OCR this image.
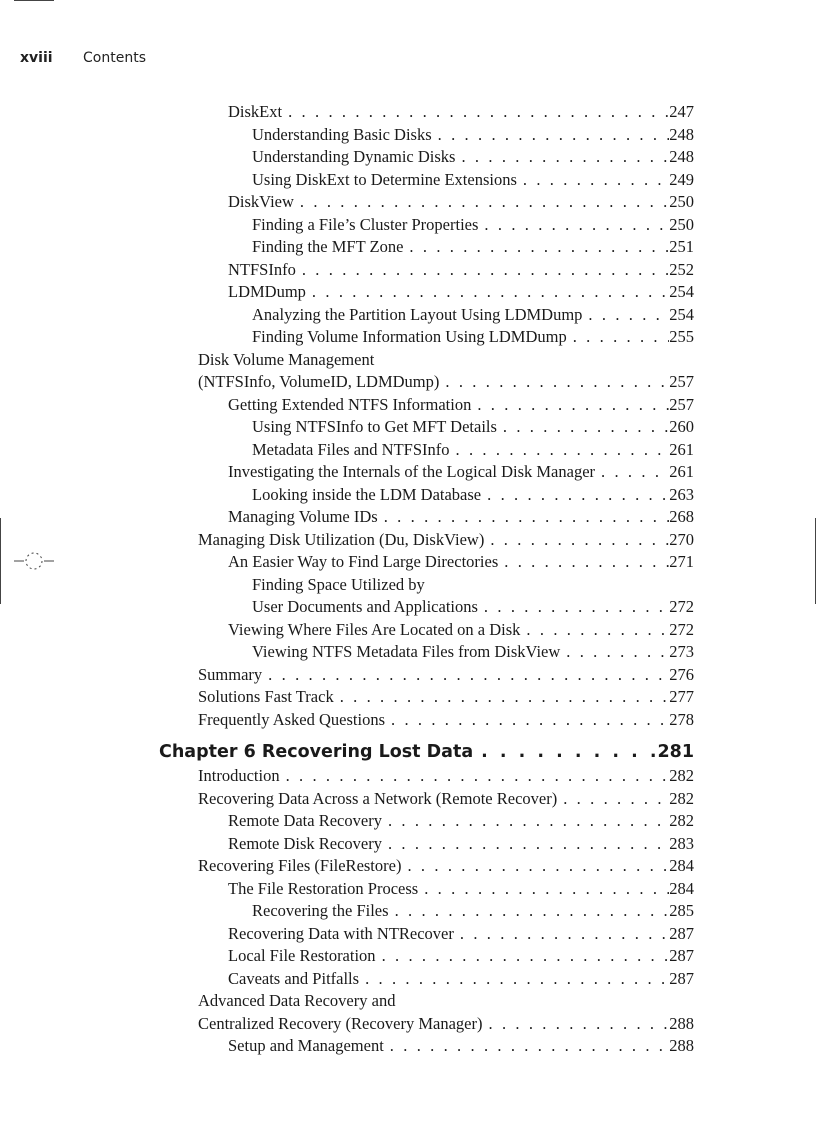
xviii Contents
DiskExt . . .	247
Understanding Basic Disks . . .	248
Understanding Dynamic Disks . . .	248
Using DiskExt to Determine Extensions . . .	249
DiskView . . .	250
Finding a File’s Cluster Properties . . .	250
Finding the MFT Zone . . .	251
NTFSInfo . . .	252
LDMDump . . .	254
Analyzing the Partition Layout Using LDMDump . . .	254
Finding Volume Information Using LDMDump . . .	255
Disk Volume Management
(NTFSInfo, VolumeID, LDMDump) . . .	257
Getting Extended NTFS Information . . .	257
Using NTFSInfo to Get MFT Details . . .	260
Metadata Files and NTFSInfo . . .	261
Investigating the Internals of the Logical Disk Manager . . .	261
Looking inside the LDM Database . . .	263
Managing Volume IDs . . .	268
Managing Disk Utilization (Du, DiskView) . . .	270
An Easier Way to Find Large Directories . . .	271
Finding Space Utilized by
User Documents and Applications . . .	272
Viewing Where Files Are Located on a Disk . . .	272
Viewing NTFS Metadata Files from DiskView . . .	273
Summary . . .	276
Solutions Fast Track . . .	277
Frequently Asked Questions . . .	278
Chapter 6 Recovering Lost Data . . .	281
Introduction . . .	282
Recovering Data Across a Network (Remote Recover) . . .	282
Remote Data Recovery . . .	282
Remote Disk Recovery . . .	283
Recovering Files (FileRestore) . . .	284
The File Restoration Process . . .	284
Recovering the Files . . .	285
Recovering Data with NTRecover . . .	287
Local File Restoration . . .	287
Caveats and Pitfalls . . .	287
Advanced Data Recovery and
Centralized Recovery (Recovery Manager) . . .	288
Setup and Management . . .	288
